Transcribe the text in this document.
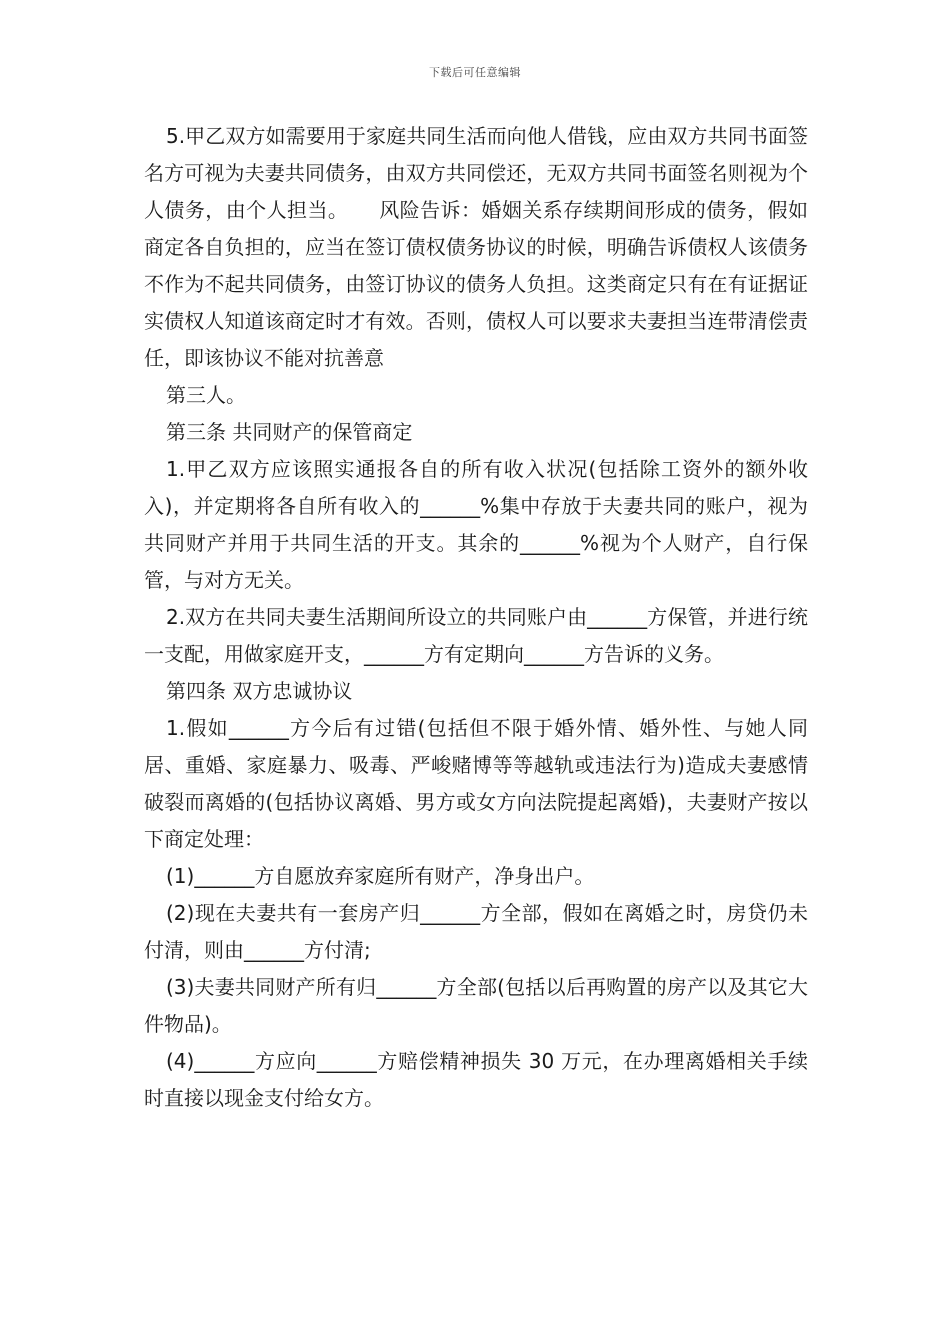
下载后可任意编辑

5.甲乙双方如需要用于家庭共同生活而向他人借钱，应由双方共同书面签名方可视为夫妻共同债务，由双方共同偿还，无双方共同书面签名则视为个人债务，由个人担当。　　风险告诉：婚姻关系存续期间形成的债务，假如商定各自负担的，应当在签订债权债务协议的时候，明确告诉债权人该债务不作为不起共同债务，由签订协议的债务人负担。这类商定只有在有证据证实债权人知道该商定时才有效。否则，债权人可以要求夫妻担当连带清偿责任，即该协议不能对抗善意

第三人。

第三条 共同财产的保管商定

1.甲乙双方应该照实通报各自的所有收入状况(包括除工资外的额外收入)，并定期将各自所有收入的______%集中存放于夫妻共同的账户，视为共同财产并用于共同生活的开支。其余的______%视为个人财产，自行保管，与对方无关。

2.双方在共同夫妻生活期间所设立的共同账户由______方保管，并进行统一支配，用做家庭开支，______方有定期向______方告诉的义务。

第四条 双方忠诚协议

1.假如______方今后有过错(包括但不限于婚外情、婚外性、与她人同居、重婚、家庭暴力、吸毒、严峻赌博等等越轨或违法行为)造成夫妻感情破裂而离婚的(包括协议离婚、男方或女方向法院提起离婚)，夫妻财产按以下商定处理：

(1)______方自愿放弃家庭所有财产，净身出户。

(2)现在夫妻共有一套房产归______方全部，假如在离婚之时，房贷仍未付清，则由______方付清;

(3)夫妻共同财产所有归______方全部(包括以后再购置的房产以及其它大件物品)。

(4)______方应向______方赔偿精神损失 30 万元，在办理离婚相关手续时直接以现金支付给女方。
